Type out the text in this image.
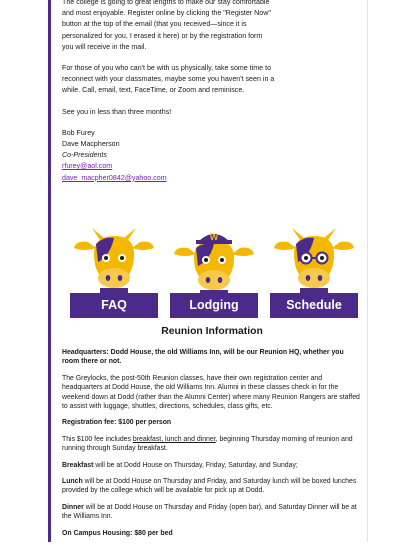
The college is going to great lengths to make our stay comfortable

and most enjoyable. Register online by clicking the "Register Now"

button at the top of the email (that you received—since it is

personalized for you, I erased it here) or by the registration form

you will receive in the mail.

For those of you who can't be with us physically, take some time to

reconnect with your classmates, maybe some you haven't seen in a

while. Call, email, text, FaceTime, or Zoom and reminisce.

See you in less than three months!

Bob Furey

Dave Macpherson

Co-Presidents

rfurey@aol.com

dave_macpher0842@yahoo.com

FAQ
W
Lodging	Schedule
Reunion Information

Headquarters: Dodd House, the old Williams Inn, will be our Reunion HQ, whether you room there or not.

The Greylocks, the post-50th Reunion classes, have their own registration center and headquarters at Dodd House, the old Williams Inn. Alumni in these classes check in for the weekend down at Dodd (rather than the Alumni Center) where many Reunion Rangers are staffed to assist with luggage, shuttles, directions, schedules, class gifts, etc.

Registration fee: $100 per person

This $100 fee includes breakfast, lunch and dinner, beginning Thursday morning of reunion and running through Sunday breakfast.

Breakfast will be at Dodd House on Thursday, Friday, Saturday, and Sunday;

Lunch will be at Dodd House on Thursday and Friday, and Saturday lunch will be boxed lunches provided by the college which will be available for pick up at Dodd.

Dinner will be at Dodd House on Thursday and Friday (open bar), and Saturday Dinner will be at the Williams Inn.

On Campus Housing: $80 per bed
